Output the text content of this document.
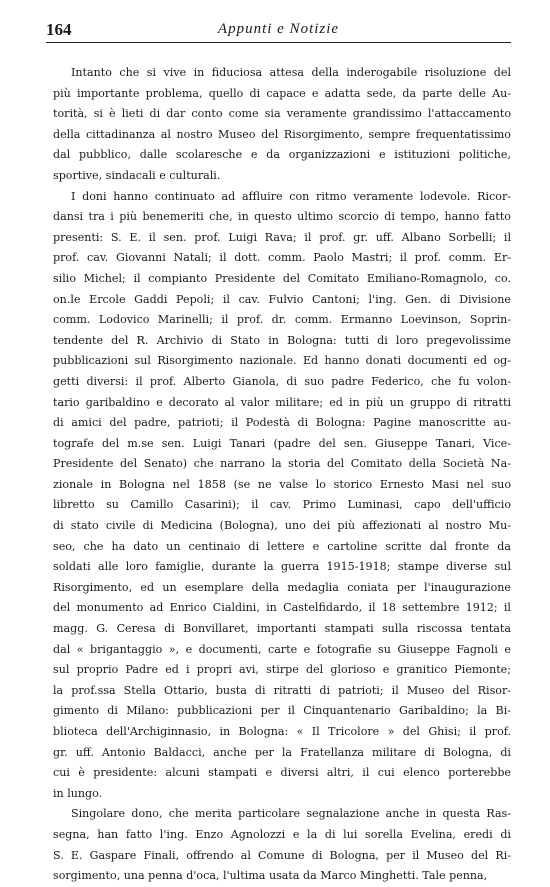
164	Appunti e Notizie
Intanto che si vive in fiduciosa attesa della inderogabile risoluzione del
più importante problema, quello di capace e adatta sede, da parte delle Au-
torità, si è lieti di dar conto come sia veramente grandissimo l'attaccamento
della cittadinanza al nostro Museo del Risorgimento, sempre frequentatissimo
dal pubblico, dalle scolaresche e da organizzazioni e istituzioni politiche,
sportive, sindacali e culturali.
I doni hanno continuato ad affluire con ritmo veramente lodevole. Ricor-
dansi tra i più benemeriti che, in questo ultimo scorcio di tempo, hanno fatto
presenti: S. E. il sen. prof. Luigi Rava; il prof. gr. uff. Albano Sorbelli; il
prof. cav. Giovanni Natali; il dott. comm. Paolo Mastri; il prof. comm. Er-
silio Michel; il compianto Presidente del Comitato Emiliano-Romagnolo, co.
on.le Ercole Gaddi Pepoli; il cav. Fulvio Cantoni; l'ing. Gen. di Divisione
comm. Lodovico Marinelli; il prof. dr. comm. Ermanno Loevinson, Soprin-
tendente del R. Archivio di Stato in Bologna: tutti di loro pregevolissime
pubblicazioni sul Risorgimento nazionale. Ed hanno donati documenti ed og-
getti diversi: il prof. Alberto Gianola, di suo padre Federico, che fu volon-
tario garibaldino e decorato al valor militare; ed in più un gruppo di ritratti
di amici del padre, patrioti; il Podestà di Bologna: Pagine manoscritte au-
tografe del m.se sen. Luigi Tanari (padre del sen. Giuseppe Tanari, Vice-
Presidente del Senato) che narrano la storia del Comitato della Società Na-
zionale in Bologna nel 1858 (se ne valse lo storico Ernesto Masi nel suo
libretto su Camillo Casarini); il cav. Primo Luminasi, capo dell'ufficio
di stato civile di Medicina (Bologna), uno dei più affezionati al nostro Mu-
seo, che ha dato un centinaio di lettere e cartoline scritte dal fronte da
soldati alle loro famiglie, durante la guerra 1915-1918; stampe diverse sul
Risorgimento, ed un esemplare della medaglia coniata per l'inaugurazione
del monumento ad Enrico Cialdini, in Castelfidardo, il 18 settembre 1912; il
magg. G. Ceresa di Bonvillaret, importanti stampati sulla riscossa tentata
dal « brigantaggio », e documenti, carte e fotografie su Giuseppe Fagnoli e
sul proprio Padre ed i propri avi, stirpe del glorioso e granitico Piemonte;
la prof.ssa Stella Ottario, busta di ritratti di patrioti; il Museo del Risor-
gimento di Milano: pubblicazioni per il Cinquantenario Garibaldino; la Bi-
blioteca dell'Archiginnasio, in Bologna: « Il Tricolore » del Ghisi; il prof.
gr. uff. Antonio Baldacci, anche per la Fratellanza militare di Bologna, di
cui è presidente: alcuni stampati e diversi altri, il cui elenco porterebbe
in lungo.
Singolare dono, che merita particolare segnalazione anche in questa Ras-
segna, han fatto l'ing. Enzo Agnolozzi e la di lui sorella Evelina, eredi di
S. E. Gaspare Finali, offrendo al Comune di Bologna, per il Museo del Ri-
sorgimento, una penna d'oca, l'ultima usata da Marco Minghetti. Tale penna,
